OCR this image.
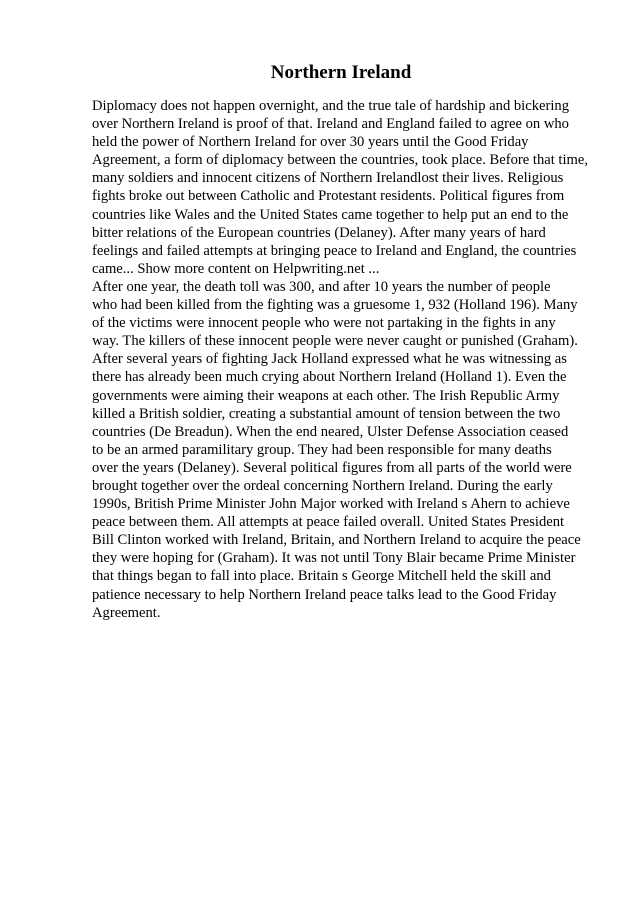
Northern Ireland
Diplomacy does not happen overnight, and the true tale of hardship and bickering
over Northern Ireland is proof of that. Ireland and England failed to agree on who
held the power of Northern Ireland for over 30 years until the Good Friday
Agreement, a form of diplomacy between the countries, took place. Before that time,
many soldiers and innocent citizens of Northern Irelandlost their lives. Religious
fights broke out between Catholic and Protestant residents. Political figures from
countries like Wales and the United States came together to help put an end to the
bitter relations of the European countries (Delaney). After many years of hard
feelings and failed attempts at bringing peace to Ireland and England, the countries
came... Show more content on Helpwriting.net ...
After one year, the death toll was 300, and after 10 years the number of people
who had been killed from the fighting was a gruesome 1, 932 (Holland 196). Many
of the victims were innocent people who were not partaking in the fights in any
way. The killers of these innocent people were never caught or punished (Graham).
After several years of fighting Jack Holland expressed what he was witnessing as
there has already been much crying about Northern Ireland (Holland 1). Even the
governments were aiming their weapons at each other. The Irish Republic Army
killed a British soldier, creating a substantial amount of tension between the two
countries (De Breadun). When the end neared, Ulster Defense Association ceased
to be an armed paramilitary group. They had been responsible for many deaths
over the years (Delaney). Several political figures from all parts of the world were
brought together over the ordeal concerning Northern Ireland. During the early
1990s, British Prime Minister John Major worked with Ireland s Ahern to achieve
peace between them. All attempts at peace failed overall. United States President
Bill Clinton worked with Ireland, Britain, and Northern Ireland to acquire the peace
they were hoping for (Graham). It was not until Tony Blair became Prime Minister
that things began to fall into place. Britain s George Mitchell held the skill and
patience necessary to help Northern Ireland peace talks lead to the Good Friday
Agreement.
